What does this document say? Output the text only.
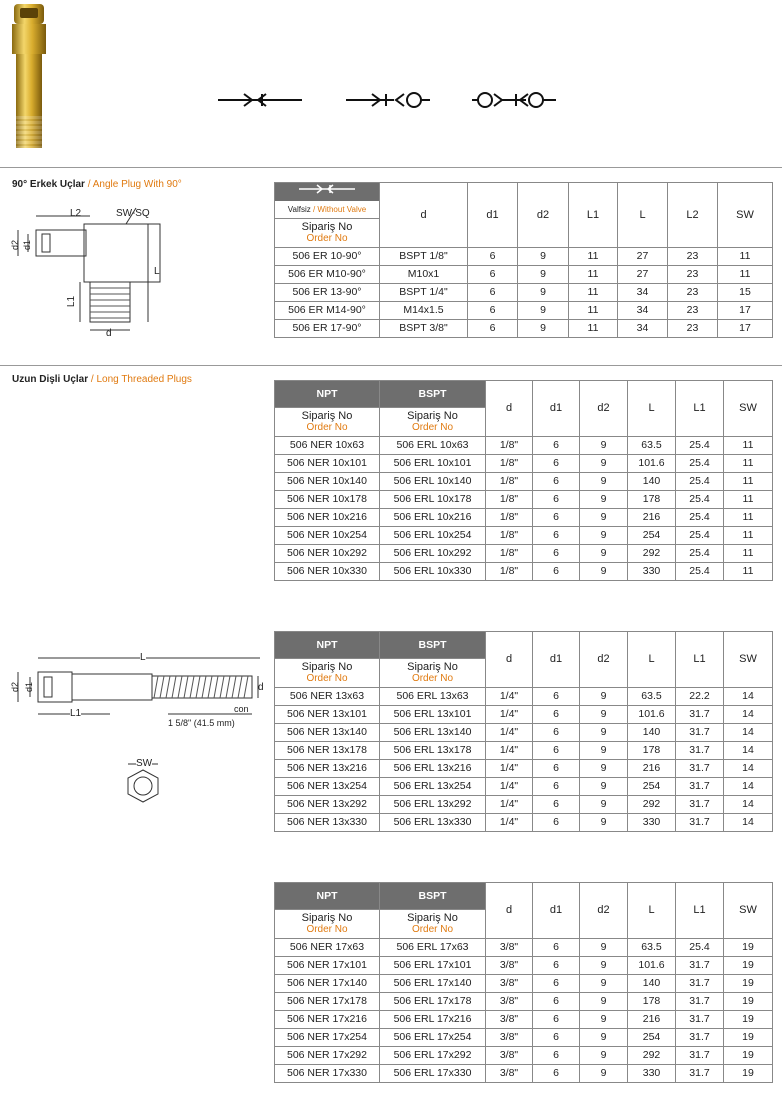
90° Erkek Uçlar / Angle Plug With 90°
L2	SW-SQ
d2 d1
L
L1
d
	d	d1	d2	L1	L	L2	SW
Valfsiz / Without Valve							

Sipariş No
Order No							

506 ER 10-90°	BSPT 1/8"	6	9	11	27	23	11
506 ER M10-90°	M10x1	6	9	11	27	23	11
506 ER 13-90°	BSPT 1/4"	6	9	11	34	23	15
506 ER M14-90°	M14x1.5	6	9	11	34	23	17
506 ER 17-90°	BSPT 3/8"	6	9	11	34	23	17
Uzun Dişli Uçlar / Long Threaded Plugs
NPT	BSPT	d	d1	d2	L	L1	SW

Sipariş No
Order No	Sipariş No
Order No						

506 NER 10x63	506 ERL 10x63	1/8"	6	9	63.5	25.4	11
506 NER 10x101	506 ERL 10x101	1/8"	6	9	101.6	25.4	11
506 NER 10x140	506 ERL 10x140	1/8"	6	9	140	25.4	11
506 NER 10x178	506 ERL 10x178	1/8"	6	9	178	25.4	11
506 NER 10x216	506 ERL 10x216	1/8"	6	9	216	25.4	11
506 NER 10x254	506 ERL 10x254	1/8"	6	9	254	25.4	11
506 NER 10x292	506 ERL 10x292	1/8"	6	9	292	25.4	11
506 NER 10x330	506 ERL 10x330	1/8"	6	9	330	25.4	11
L
d2 d1	d
con
L1
1 5/8" (41.5 mm)
SW
NPT	BSPT	d	d1	d2	L	L1	SW

Sipariş No
Order No	Sipariş No
Order No						

506 NER 13x63	506 ERL 13x63	1/4"	6	9	63.5	22.2	14
506 NER 13x101	506 ERL 13x101	1/4"	6	9	101.6	31.7	14
506 NER 13x140	506 ERL 13x140	1/4"	6	9	140	31.7	14
506 NER 13x178	506 ERL 13x178	1/4"	6	9	178	31.7	14
506 NER 13x216	506 ERL 13x216	1/4"	6	9	216	31.7	14
506 NER 13x254	506 ERL 13x254	1/4"	6	9	254	31.7	14
506 NER 13x292	506 ERL 13x292	1/4"	6	9	292	31.7	14
506 NER 13x330	506 ERL 13x330	1/4"	6	9	330	31.7	14
NPT	BSPT	d	d1	d2	L	L1	SW

Sipariş No
Order No	Sipariş No
Order No						

506 NER 17x63	506 ERL 17x63	3/8"	6	9	63.5	25.4	19
506 NER 17x101	506 ERL 17x101	3/8"	6	9	101.6	31.7	19
506 NER 17x140	506 ERL 17x140	3/8"	6	9	140	31.7	19
506 NER 17x178	506 ERL 17x178	3/8"	6	9	178	31.7	19
506 NER 17x216	506 ERL 17x216	3/8"	6	9	216	31.7	19
506 NER 17x254	506 ERL 17x254	3/8"	6	9	254	31.7	19
506 NER 17x292	506 ERL 17x292	3/8"	6	9	292	31.7	19
506 NER 17x330	506 ERL 17x330	3/8"	6	9	330	31.7	19
